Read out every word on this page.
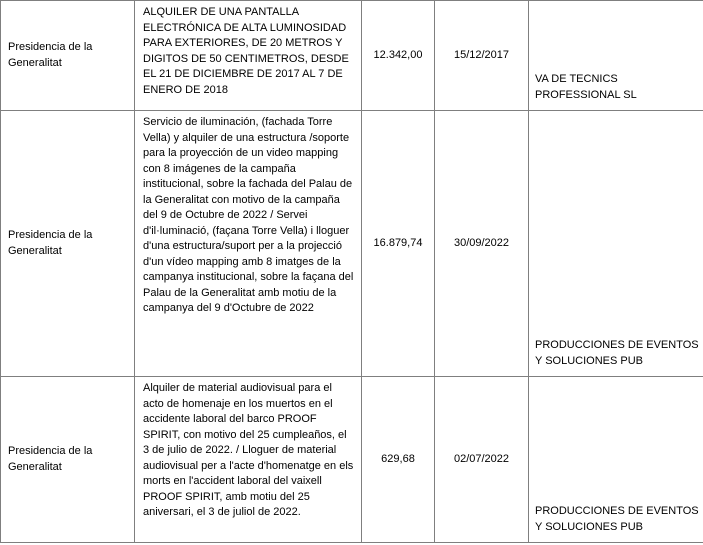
Presidencia de la Generalitat	ALQUILER DE UNA PANTALLA ELECTRÓNICA DE ALTA LUMINOSIDAD PARA EXTERIORES, DE 20 METROS Y DIGITOS DE 50 CENTIMETROS, DESDE EL 21 DE DICIEMBRE DE 2017 AL 7 DE ENERO DE 2018	12.342,00	15/12/2017	VA DE TECNICS PROFESSIONAL SL
Presidencia de la Generalitat	Servicio de iluminación, (fachada Torre Vella) y alquiler de una estructura /soporte para la proyección de un video mapping con 8 imágenes de la campaña institucional, sobre la fachada del Palau de la Generalitat con motivo de la campaña del 9 de Octubre de 2022 / Servei d'il·luminació, (façana Torre Vella) i lloguer d'una estructura/suport per a la projecció d'un vídeo mapping amb 8 imatges de la campanya institucional, sobre la façana del Palau de la Generalitat amb motiu de la campanya del 9 d'Octubre de 2022	16.879,74	30/09/2022	PRODUCCIONES DE EVENTOS Y SOLUCIONES PUB
Presidencia de la Generalitat	Alquiler de material audiovisual para el acto de homenaje en los muertos en el accidente laboral del barco PROOF SPIRIT, con motivo del 25 cumpleaños, el 3 de julio de 2022. / Lloguer de material audiovisual per a l'acte d'homenatge en els morts en l'accident laboral del vaixell PROOF SPIRIT, amb motiu del 25 aniversari, el 3 de juliol de 2022.	629,68	02/07/2022	PRODUCCIONES DE EVENTOS Y SOLUCIONES PUB
